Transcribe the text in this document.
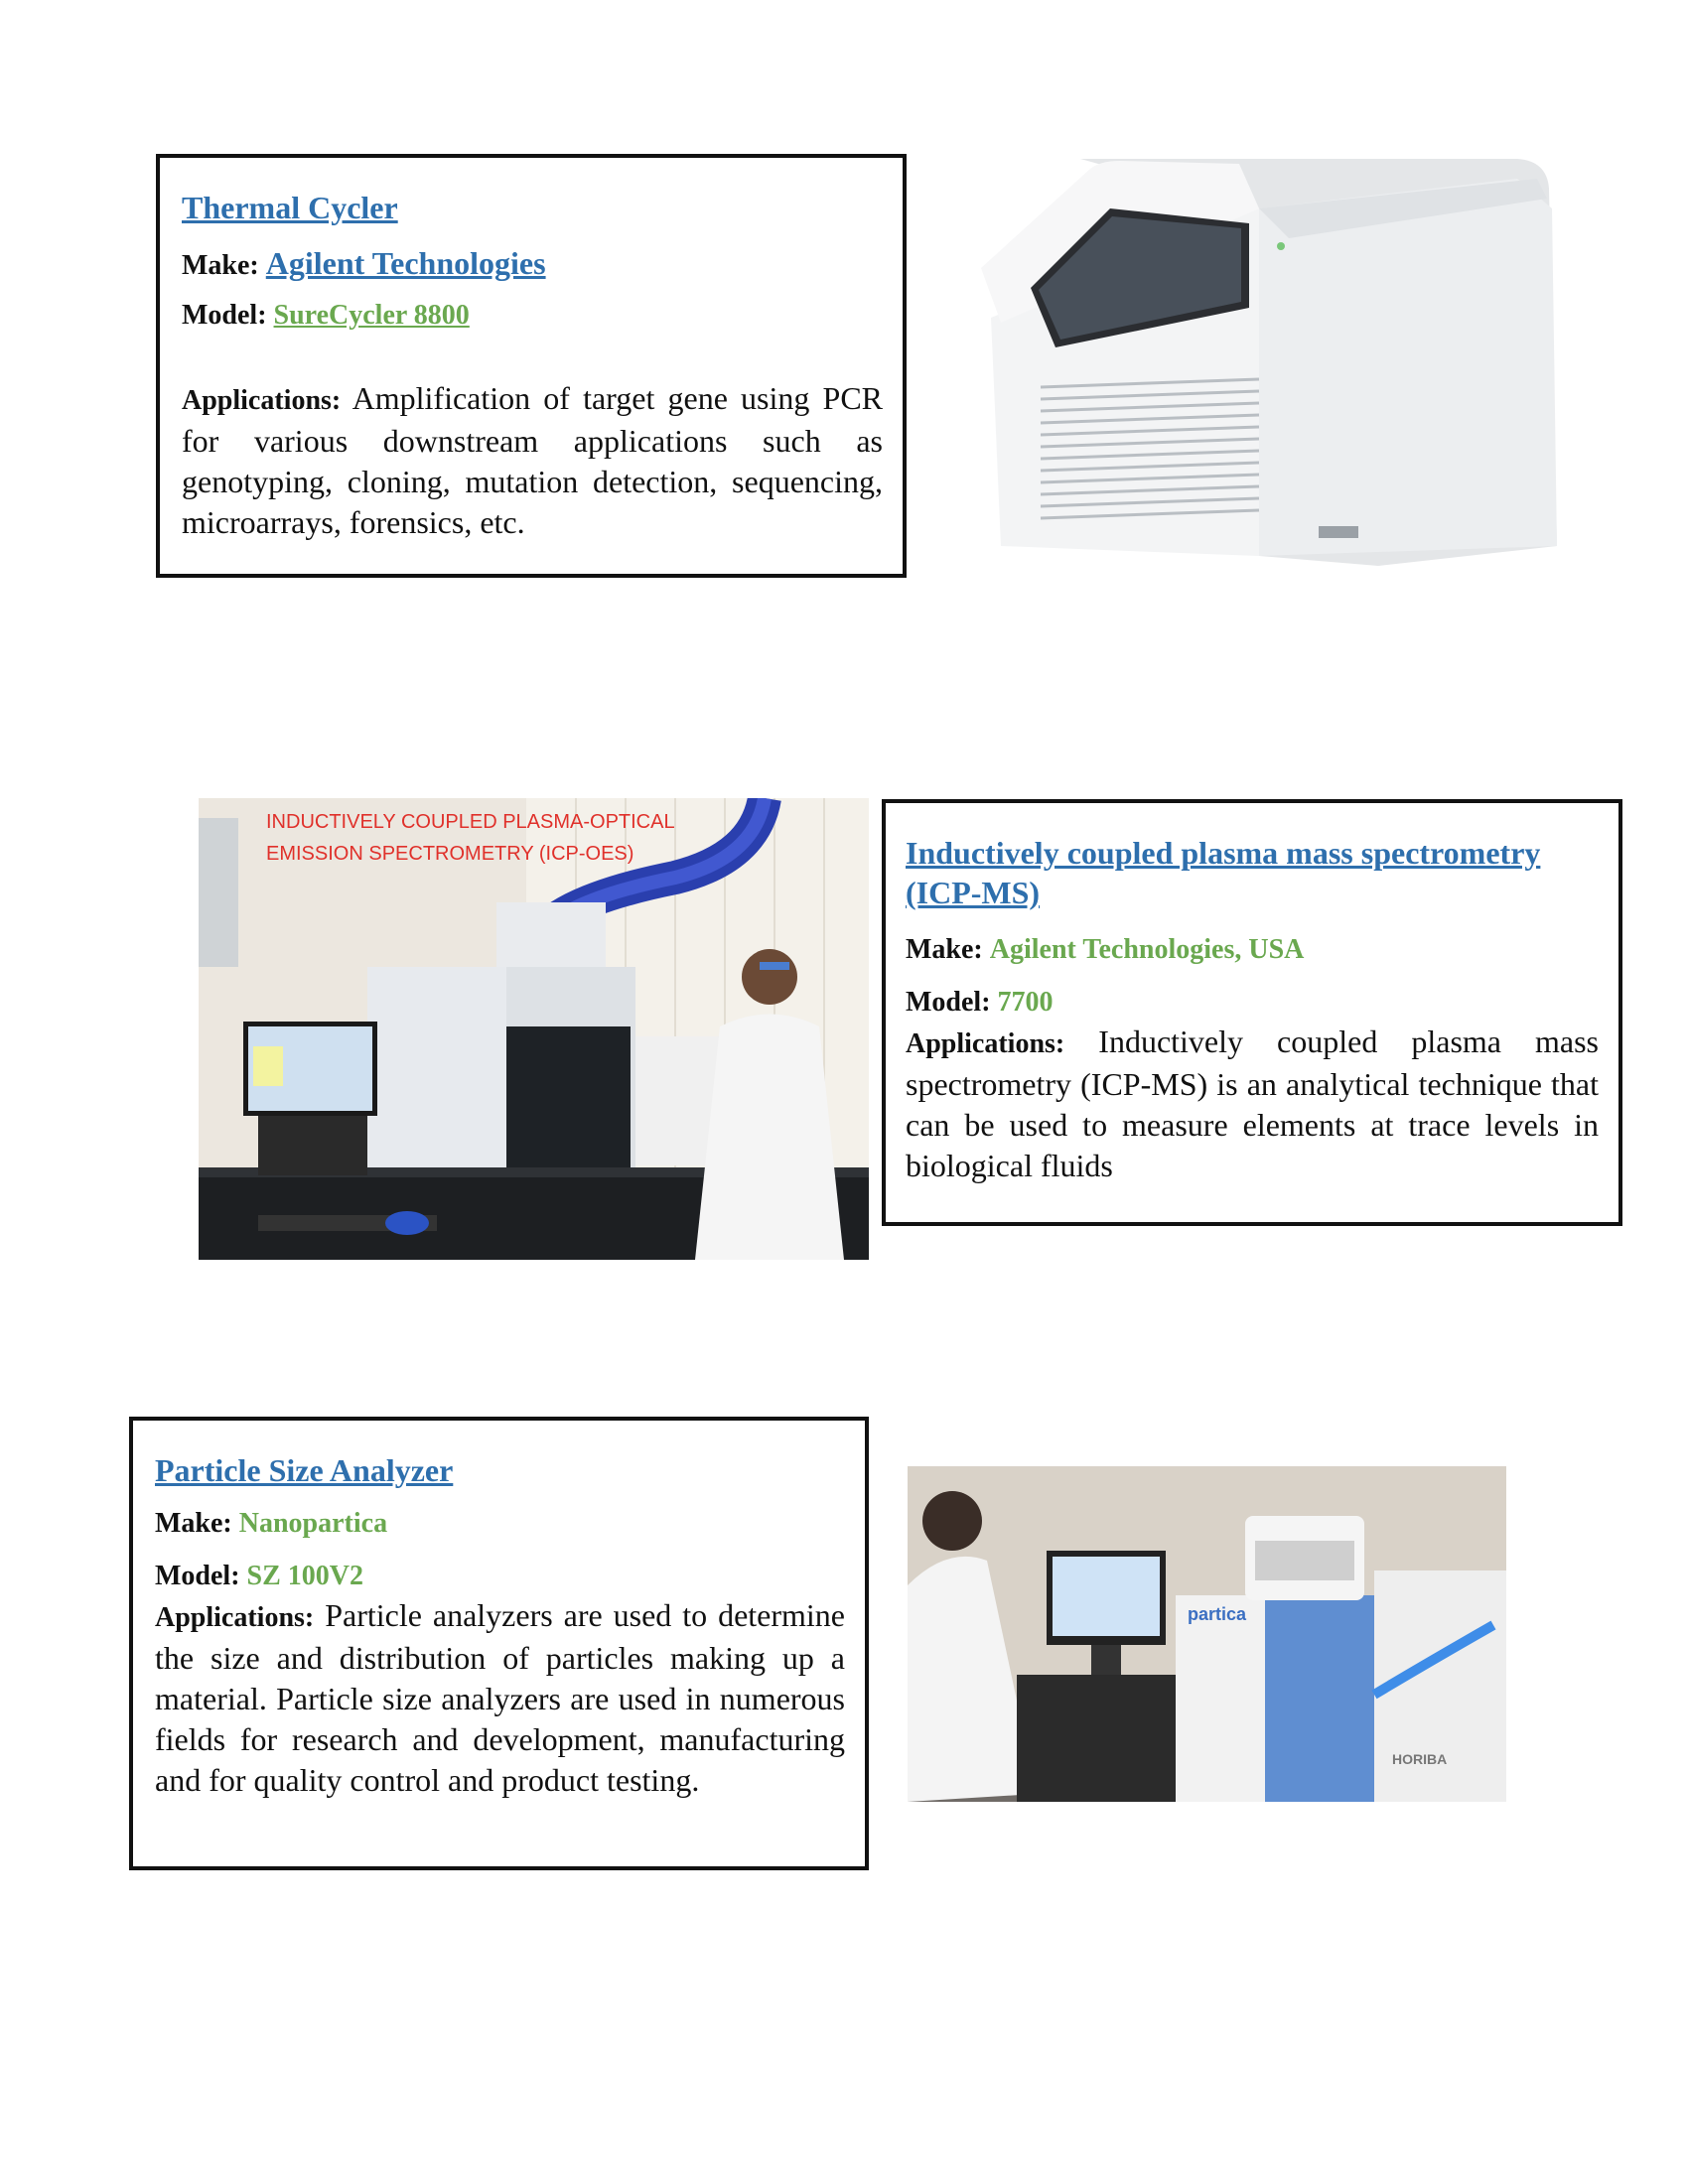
Thermal Cycler

Make: Agilent Technologies

Model: SureCycler 8800

Applications: Amplification of target gene using PCR for various downstream applications such as genotyping, cloning, mutation detection, sequencing, microarrays, forensics, etc.

INDUCTIVELY COUPLED PLASMA-OPTICAL
EMISSION SPECTROMETRY (ICP-OES)	Inductively coupled plasma mass spectrometry (ICP-MS)

Make: Agilent Technologies, USA

Model: 7700

Applications: Inductively coupled plasma mass spectrometry (ICP-MS) is an analytical technique that can be used to measure elements at trace levels in biological fluids

Particle Size Analyzer

Make: Nanopartica

Model: SZ 100V2

Applications: Particle analyzers are used to determine the size and distribution of particles making up a material. Particle size analyzers are used in numerous fields for research and development, manufacturing and for quality control and product testing.

partica
HORIBA
